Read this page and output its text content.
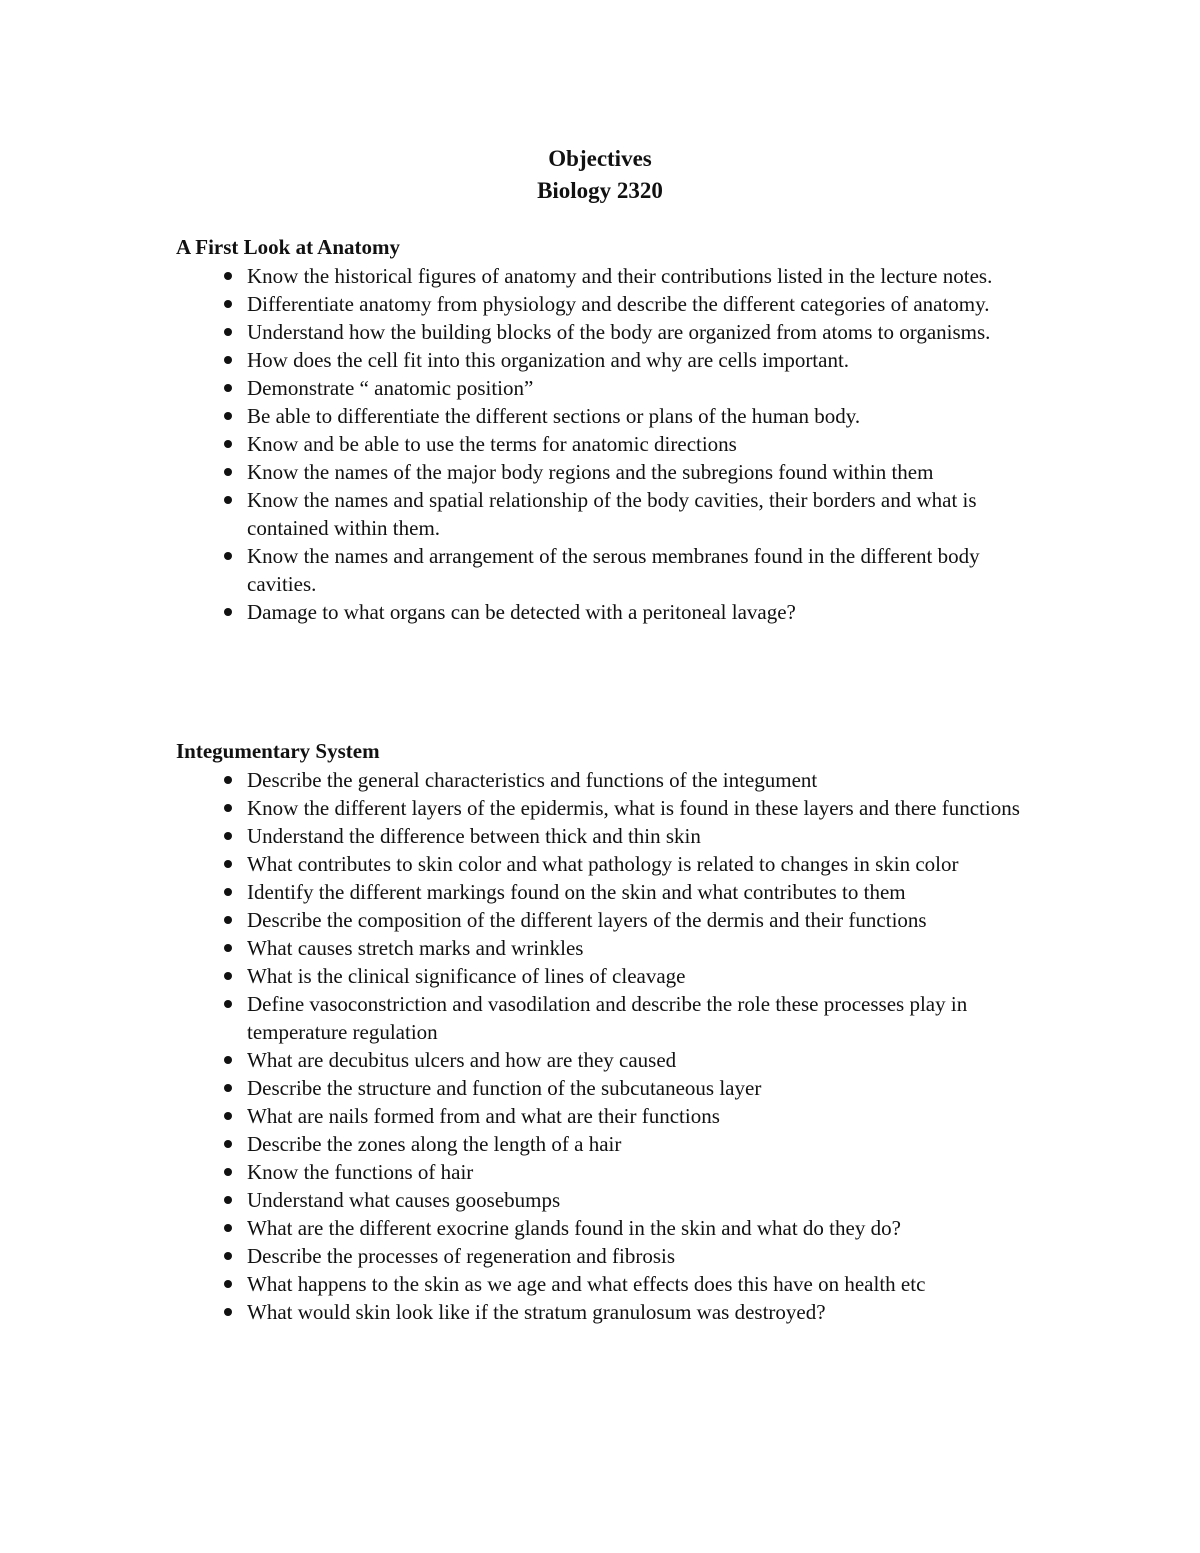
Objectives
Biology 2320
A First Look at Anatomy
Know the historical figures of anatomy and their contributions listed in the lecture notes.
Differentiate anatomy from physiology and describe the different categories of anatomy.
Understand how the building blocks of the body are organized from atoms to organisms.
How does the cell fit into this organization and why are cells important.
Demonstrate “ anatomic position”
Be able to differentiate the different sections or plans of the human body.
Know and be able to use the terms for anatomic directions
Know the names of the major body regions and the subregions found within them
Know the names and spatial relationship of the body cavities, their borders and what is contained within them.
Know the names and arrangement of the serous membranes found in the different body cavities.
Damage to what organs can be detected with a peritoneal lavage?
Integumentary System
Describe the general characteristics and functions of the integument
Know the different layers of the epidermis, what is found in these layers and there functions
Understand the difference between thick and thin skin
What contributes to skin color and what pathology is related to changes in skin color
Identify the different markings found on the skin and what contributes to them
Describe the composition of the different layers of the dermis and their functions
What causes stretch marks and wrinkles
What is the clinical significance of lines of cleavage
Define vasoconstriction and vasodilation and describe the role these processes play in temperature regulation
What are decubitus ulcers and how are they caused
Describe the structure and function of the subcutaneous layer
What are nails formed from and what are their functions
Describe the zones along the length of a hair
Know the functions of hair
Understand what causes goosebumps
What are the different exocrine glands found in the skin and what do they do?
Describe the processes of regeneration and fibrosis
What happens to the skin as we age and what effects does this have on health etc
What would skin look like if the stratum granulosum was destroyed?
